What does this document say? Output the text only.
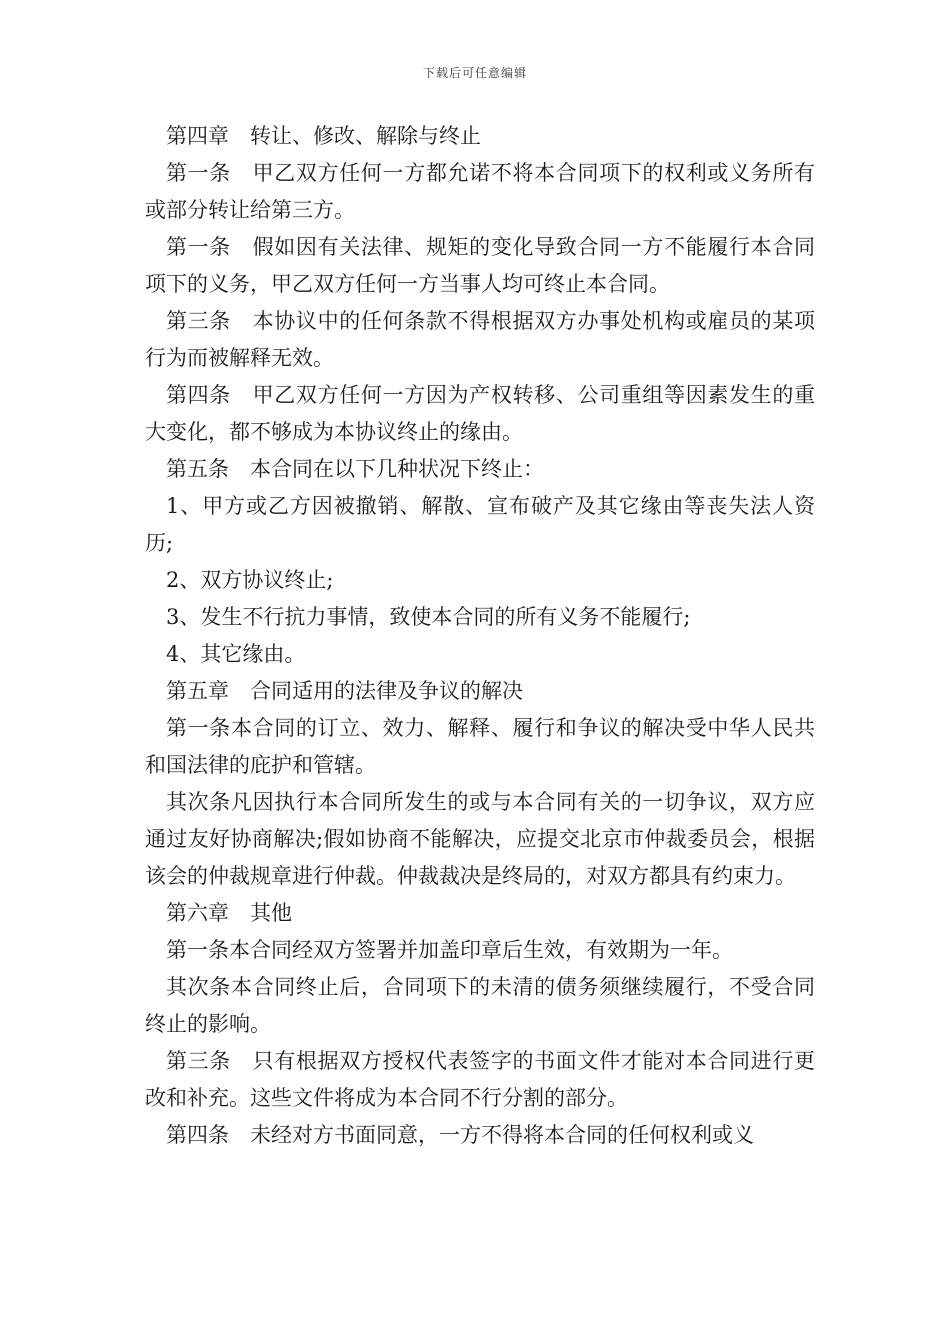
下载后可任意编辑

第四章　转让、修改、解除与终止

第一条　甲乙双方任何一方都允诺不将本合同项下的权利或义务所有或部分转让给第三方。

第一条　假如因有关法律、规矩的变化导致合同一方不能履行本合同项下的义务，甲乙双方任何一方当事人均可终止本合同。

第三条　本协议中的任何条款不得根据双方办事处机构或雇员的某项行为而被解释无效。

第四条　甲乙双方任何一方因为产权转移、公司重组等因素发生的重大变化，都不够成为本协议终止的缘由。

第五条　本合同在以下几种状况下终止：

1、甲方或乙方因被撤销、解散、宣布破产及其它缘由等丧失法人资历;

2、双方协议终止;

3、发生不行抗力事情，致使本合同的所有义务不能履行;

4、其它缘由。

第五章　合同适用的法律及争议的解决

第一条本合同的订立、效力、解释、履行和争议的解决受中华人民共和国法律的庇护和管辖。

其次条凡因执行本合同所发生的或与本合同有关的一切争议，双方应通过友好协商解决;假如协商不能解决，应提交北京市仲裁委员会，根据该会的仲裁规章进行仲裁。仲裁裁决是终局的，对双方都具有约束力。

第六章　其他

第一条本合同经双方签署并加盖印章后生效，有效期为一年。

其次条本合同终止后，合同项下的未清的债务须继续履行，不受合同终止的影响。

第三条　只有根据双方授权代表签字的书面文件才能对本合同进行更改和补充。这些文件将成为本合同不行分割的部分。

第四条　未经对方书面同意，一方不得将本合同的任何权利或义
